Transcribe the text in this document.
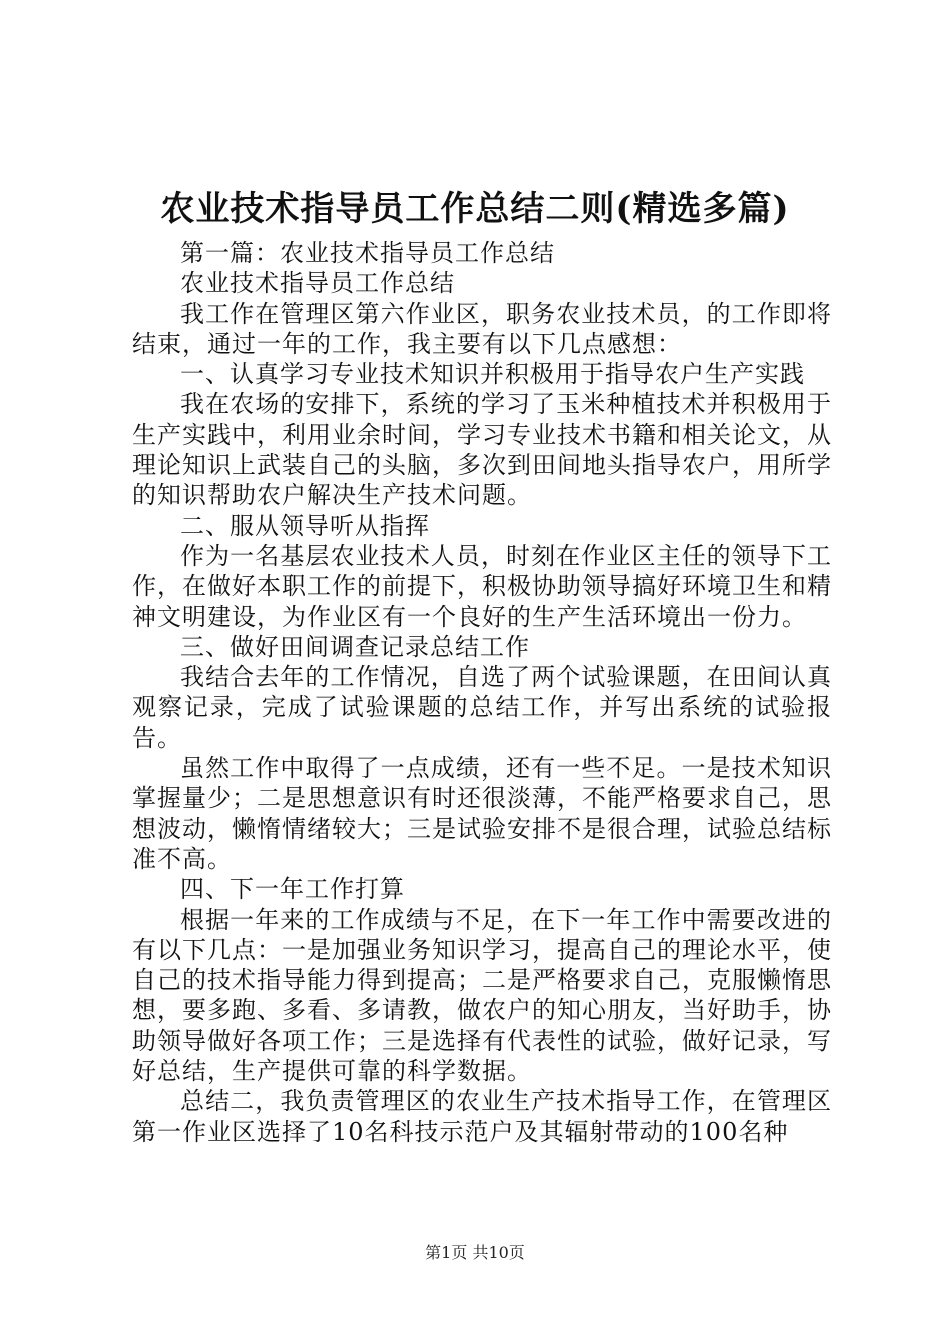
农业技术指导员工作总结二则(精选多篇)

第一篇：农业技术指导员工作总结

农业技术指导员工作总结

我工作在管理区第六作业区，职务农业技术员，的工作即将结束，通过一年的工作，我主要有以下几点感想：

一、认真学习专业技术知识并积极用于指导农户生产实践

我在农场的安排下，系统的学习了玉米种植技术并积极用于生产实践中，利用业余时间，学习专业技术书籍和相关论文，从理论知识上武装自己的头脑，多次到田间地头指导农户，用所学的知识帮助农户解决生产技术问题。

二、服从领导听从指挥

作为一名基层农业技术人员，时刻在作业区主任的领导下工作，在做好本职工作的前提下，积极协助领导搞好环境卫生和精神文明建设，为作业区有一个良好的生产生活环境出一份力。

三、做好田间调查记录总结工作

我结合去年的工作情况，自选了两个试验课题，在田间认真观察记录，完成了试验课题的总结工作，并写出系统的试验报告。

虽然工作中取得了一点成绩，还有一些不足。一是技术知识掌握量少；二是思想意识有时还很淡薄，不能严格要求自己，思想波动，懒惰情绪较大；三是试验安排不是很合理，试验总结标准不高。

四、下一年工作打算

根据一年来的工作成绩与不足，在下一年工作中需要改进的有以下几点：一是加强业务知识学习，提高自己的理论水平，使自己的技术指导能力得到提高；二是严格要求自己，克服懒惰思想，要多跑、多看、多请教，做农户的知心朋友，当好助手，协助领导做好各项工作；三是选择有代表性的试验，做好记录，写好总结，生产提供可靠的科学数据。

总结二，我负责管理区的农业生产技术指导工作，在管理区第一作业区选择了10名科技示范户及其辐射带动的100名种

第1页 共10页
